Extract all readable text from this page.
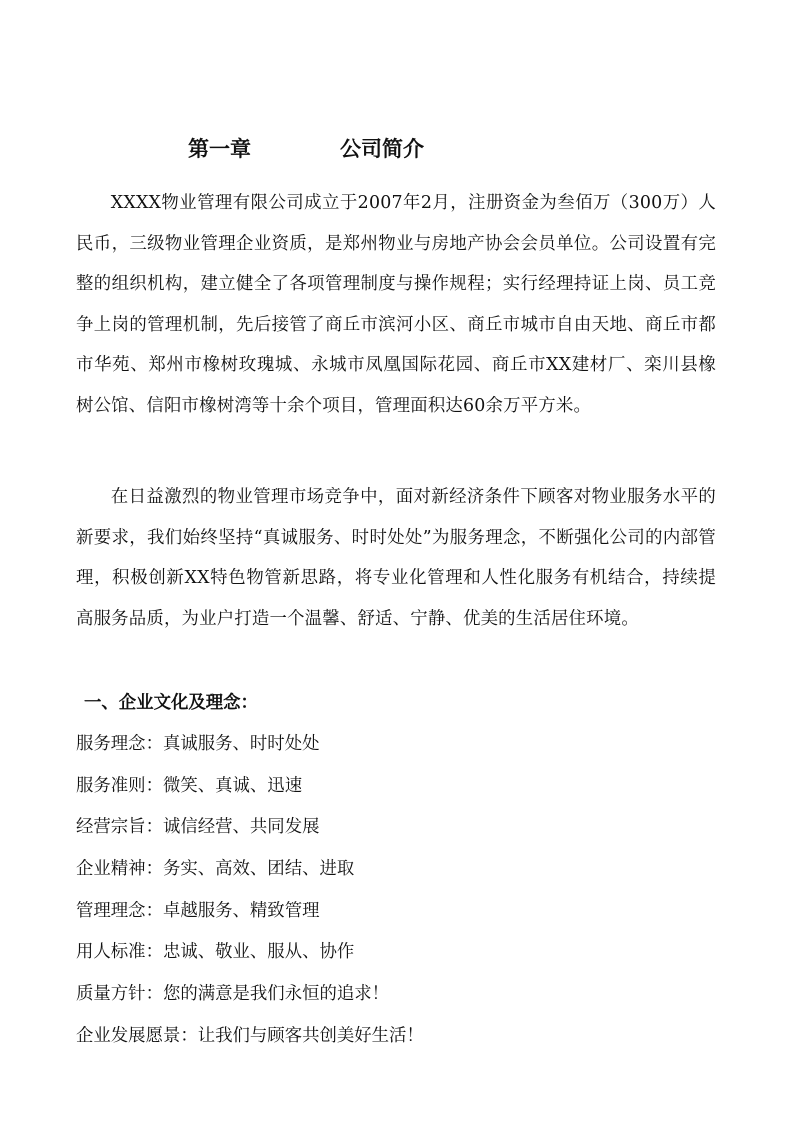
第一章	公司简介

XXXX物业管理有限公司成立于2007年2月，注册资金为叁佰万（300万）人民币，三级物业管理企业资质，是郑州物业与房地产协会会员单位。公司设置有完整的组织机构，建立健全了各项管理制度与操作规程；实行经理持证上岗、员工竞争上岗的管理机制，先后接管了商丘市滨河小区、商丘市城市自由天地、商丘市都市华苑、郑州市橡树玫瑰城、永城市凤凰国际花园、商丘市XX建材厂、栾川县橡树公馆、信阳市橡树湾等十余个项目，管理面积达60余万平方米。

在日益激烈的物业管理市场竞争中，面对新经济条件下顾客对物业服务水平的新要求，我们始终坚持“真诚服务、时时处处”为服务理念，不断强化公司的内部管理，积极创新XX特色物管新思路，将专业化管理和人性化服务有机结合，持续提高服务品质，为业户打造一个温馨、舒适、宁静、优美的生活居住环境。

一、企业文化及理念：
服务理念：真诚服务、时时处处
服务准则：微笑、真诚、迅速
经营宗旨：诚信经营、共同发展
企业精神：务实、高效、团结、进取
管理理念：卓越服务、精致管理
用人标准：忠诚、敬业、服从、协作
质量方针：您的满意是我们永恒的追求！
企业发展愿景：让我们与顾客共创美好生活！
